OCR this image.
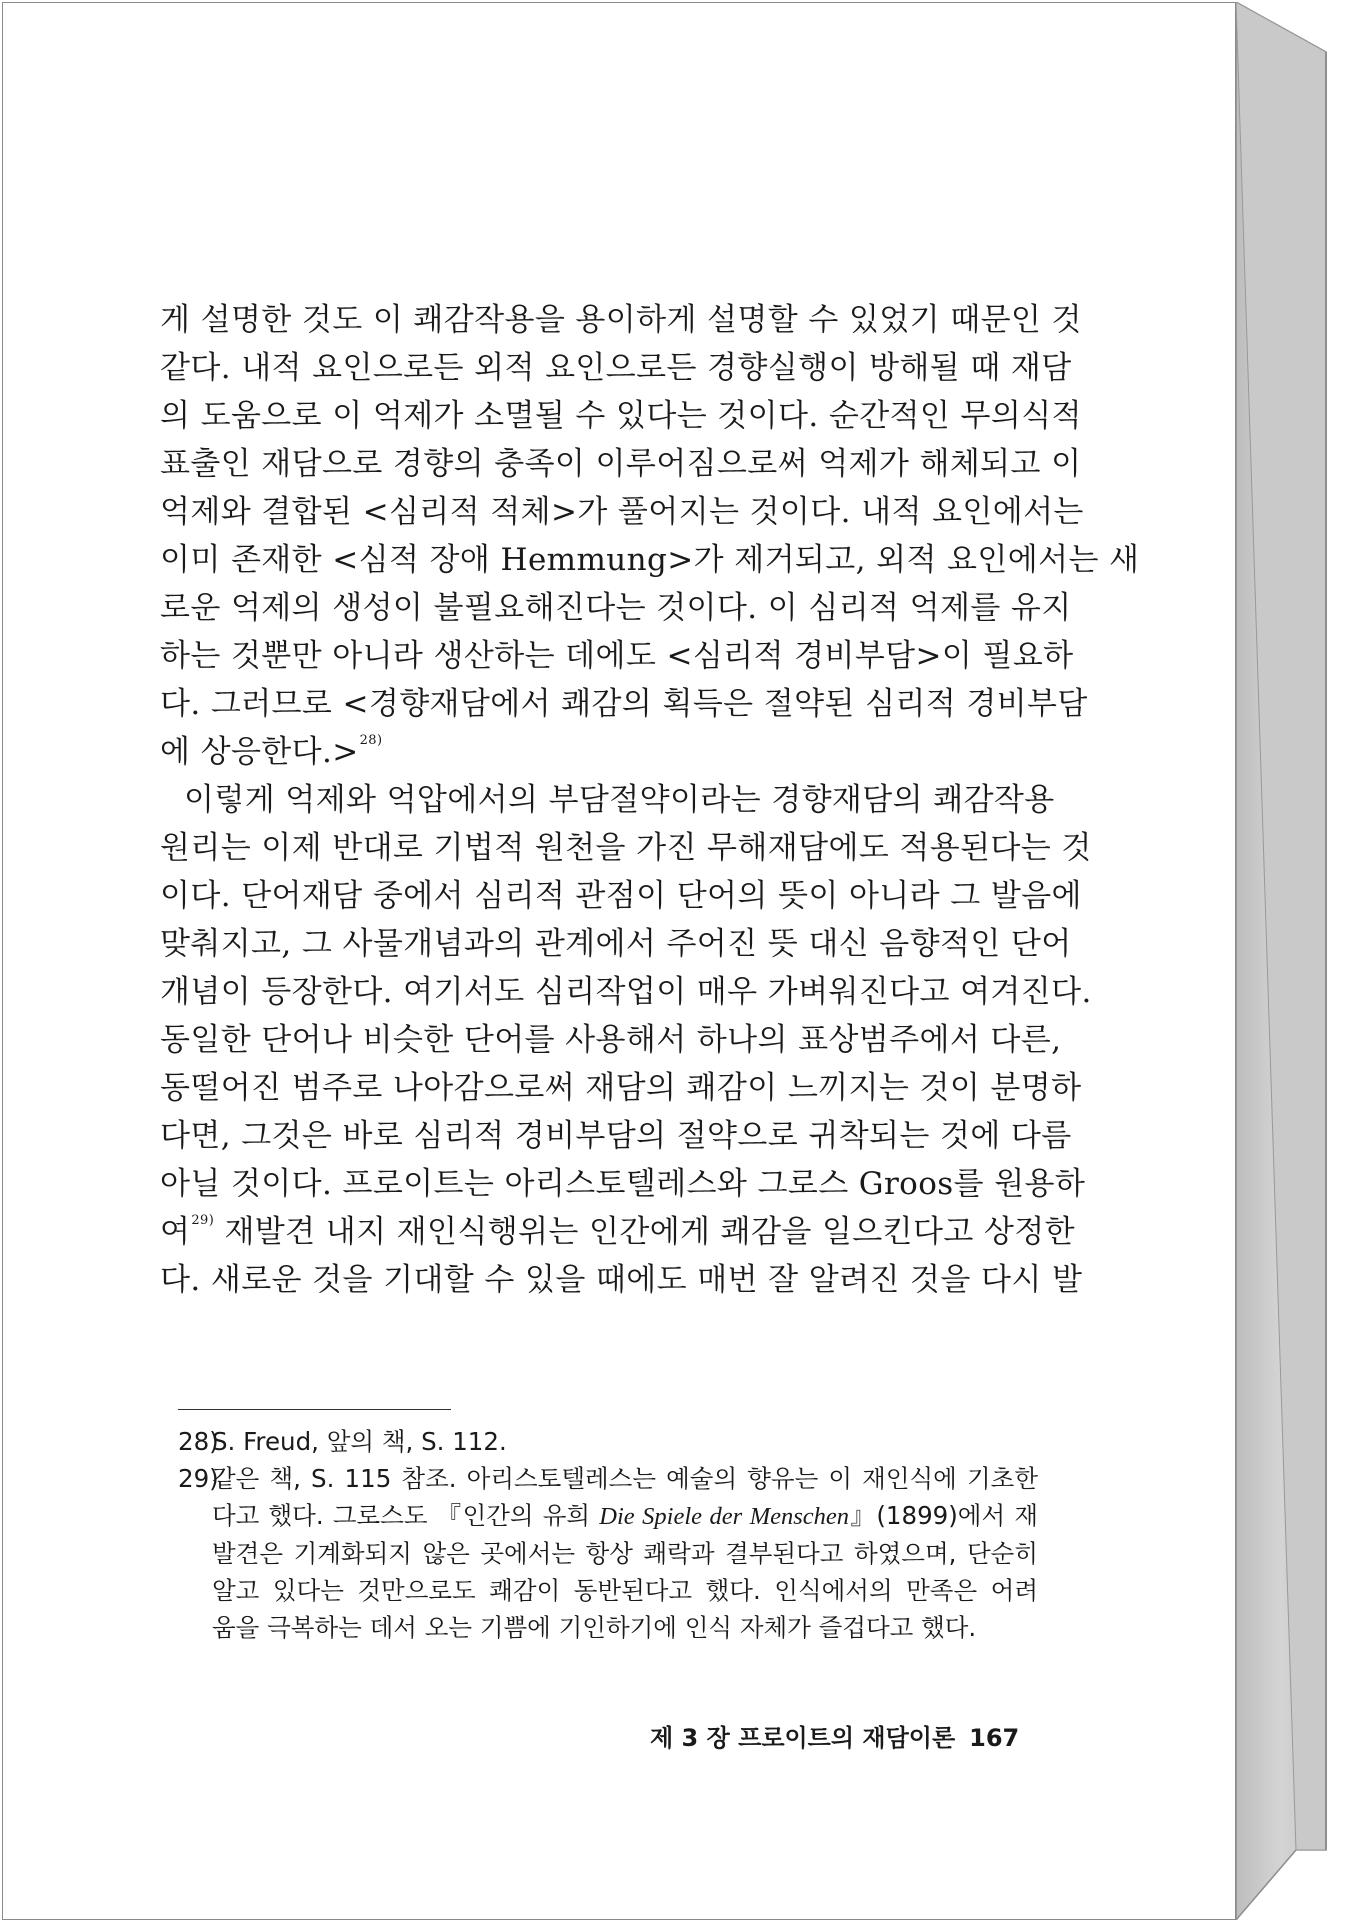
게 설명한 것도 이 쾌감작용을 용이하게 설명할 수 있었기 때문인 것
같다. 내적 요인으로든 외적 요인으로든 경향실행이 방해될 때 재담
의 도움으로 이 억제가 소멸될 수 있다는 것이다. 순간적인 무의식적
표출인 재담으로 경향의 충족이 이루어짐으로써 억제가 해체되고 이
억제와 결합된 <심리적 적체>가 풀어지는 것이다. 내적 요인에서는
이미 존재한 <심적 장애 Hemmung>가 제거되고, 외적 요인에서는 새
로운 억제의 생성이 불필요해진다는 것이다. 이 심리적 억제를 유지
하는 것뿐만 아니라 생산하는 데에도 <심리적 경비부담>이 필요하
다. 그러므로 <경향재담에서 쾌감의 획득은 절약된 심리적 경비부담
에 상응한다.>$^{28)}$
이렇게 억제와 억압에서의 부담절약이라는 경향재담의 쾌감작용
원리는 이제 반대로 기법적 원천을 가진 무해재담에도 적용된다는 것
이다. 단어재담 중에서 심리적 관점이 단어의 뜻이 아니라 그 발음에
맞춰지고, 그 사물개념과의 관계에서 주어진 뜻 대신 음향적인 단어
개념이 등장한다. 여기서도 심리작업이 매우 가벼워진다고 여겨진다.
동일한 단어나 비슷한 단어를 사용해서 하나의 표상범주에서 다른,
동떨어진 범주로 나아감으로써 재담의 쾌감이 느끼지는 것이 분명하
다면, 그것은 바로 심리적 경비부담의 절약으로 귀착되는 것에 다름
아닐 것이다. 프로이트는 아리스토텔레스와 그로스 Groos를 원용하
여$^{29)}$ 재발견 내지 재인식행위는 인간에게 쾌감을 일으킨다고 상정한
다. 새로운 것을 기대할 수 있을 때에도 매번 잘 알려진 것을 다시 발
28)
S. Freud, 앞의 책, S. 112.
29)
같은 책, S. 115 참조. 아리스토텔레스는 예술의 향유는 이 재인식에 기초한
다고 했다. 그로스도 『인간의 유희 Die Spiele der Menschen』(1899)에서 재
발견은 기계화되지 않은 곳에서는 항상 쾌락과 결부된다고 하였으며, 단순히
알고 있다는 것만으로도 쾌감이 동반된다고 했다. 인식에서의 만족은 어려
움을 극복하는 데서 오는 기쁨에 기인하기에 인식 자체가 즐겁다고 했다.
제 3 장 프로이트의 재담이론 167
